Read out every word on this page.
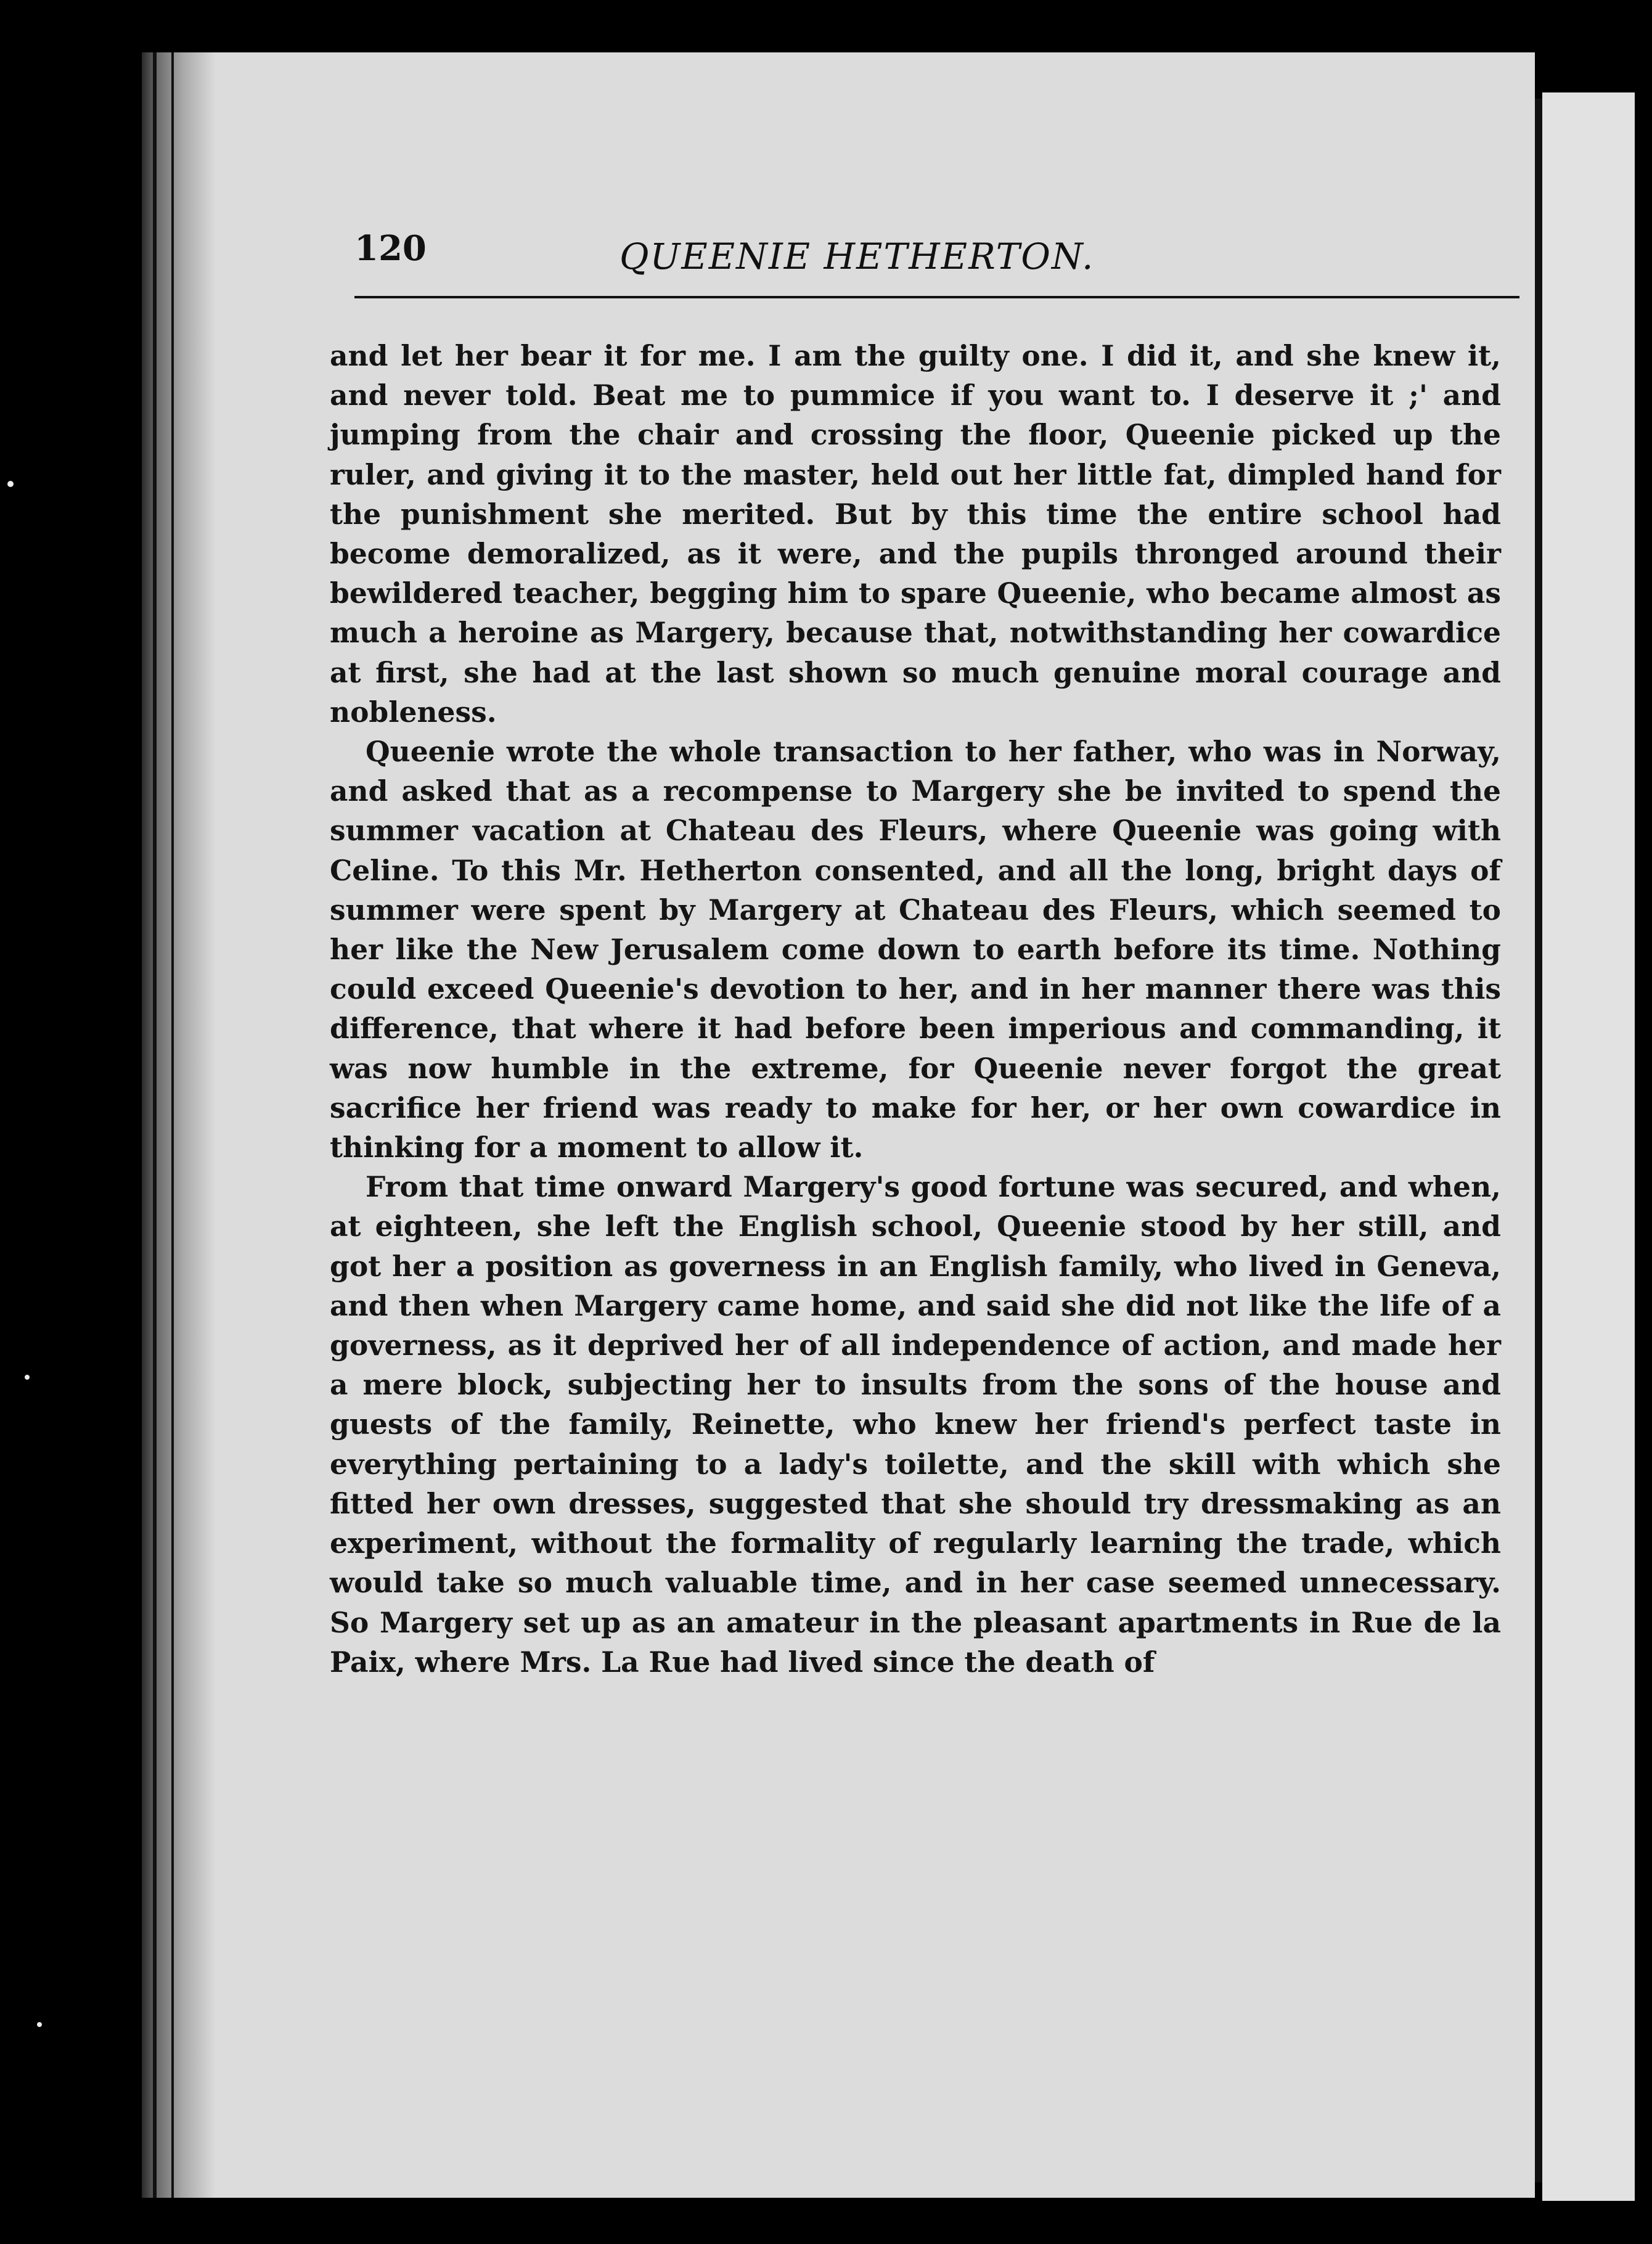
120	QUEENIE HETHERTON.

and let her bear it for me. I am the guilty one. I did it, and she knew it, and never told. Beat me to pummice if you want to. I deserve it ;' and jumping from the chair and crossing the floor, Queenie picked up the ruler, and giving it to the master, held out her little fat, dimpled hand for the punishment she merited. But by this time the entire school had become demoralized, as it were, and the pupils thronged around their bewildered teacher, begging him to spare Queenie, who became almost as much a heroine as Margery, because that, notwithstanding her cowardice at first, she had at the last shown so much genuine moral courage and nobleness.

Queenie wrote the whole transaction to her father, who was in Norway, and asked that as a recompense to Margery she be invited to spend the summer vacation at Chateau des Fleurs, where Queenie was going with Celine. To this Mr. Hetherton consented, and all the long, bright days of summer were spent by Margery at Chateau des Fleurs, which seemed to her like the New Jerusalem come down to earth before its time. Nothing could exceed Queenie's devotion to her, and in her manner there was this difference, that where it had before been imperious and commanding, it was now humble in the extreme, for Queenie never forgot the great sacrifice her friend was ready to make for her, or her own cowardice in thinking for a moment to allow it.

From that time onward Margery's good fortune was secured, and when, at eighteen, she left the English school, Queenie stood by her still, and got her a position as governess in an English family, who lived in Geneva, and then when Margery came home, and said she did not like the life of a governess, as it deprived her of all independence of action, and made her a mere block, subjecting her to insults from the sons of the house and guests of the family, Reinette, who knew her friend's perfect taste in everything pertaining to a lady's toilette, and the skill with which she fitted her own dresses, suggested that she should try dressmaking as an experiment, without the formality of regularly learning the trade, which would take so much valuable time, and in her case seemed unnecessary. So Margery set up as an amateur in the pleasant apartments in Rue de la Paix, where Mrs. La Rue had lived since the death of
